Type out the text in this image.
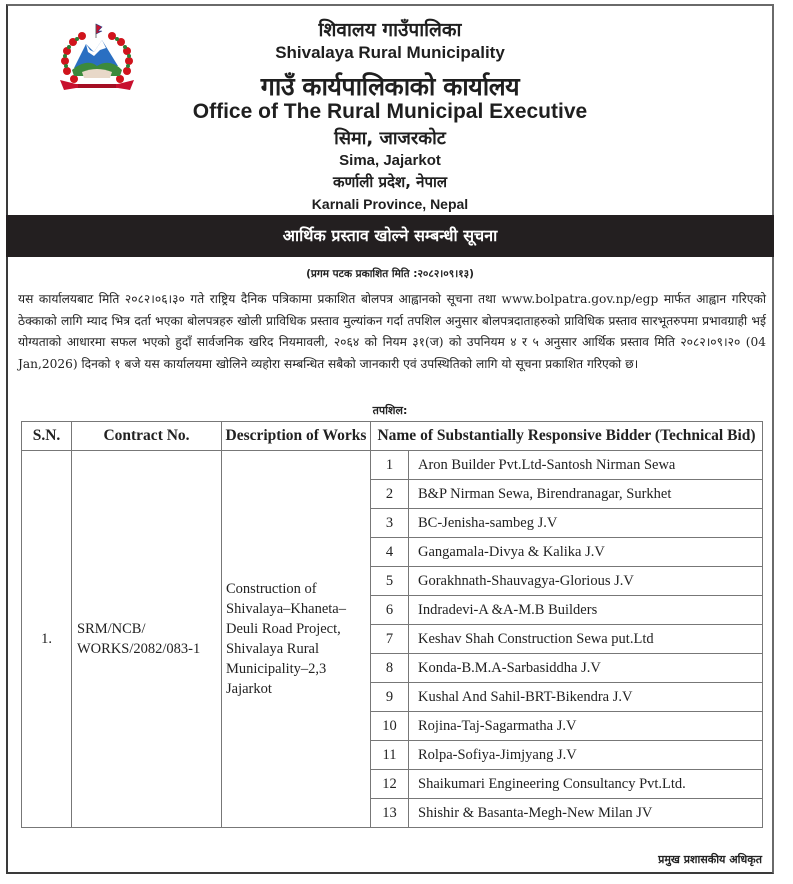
शिवालय गाउँपालिका
Shivalaya Rural Municipality
गाउँ कार्यपालिकाको कार्यालय
Office of The Rural Municipal Executive
सिमा, जाजरकोट
Sima, Jajarkot
कर्णाली प्रदेश, नेपाल
Karnali Province, Nepal
आर्थिक प्रस्ताव खोल्ने सम्बन्धी सूचना
(प्रगम पटक प्रकाशित मिति :२०८२।०९।१३)
यस कार्यालयबाट मिति २०८२।०६।३० गते राष्ट्रिय दैनिक पत्रिकामा प्रकाशित बोलपत्र आह्वानको सूचना तथा www.bolpatra.gov.np/egp मार्फत आह्वान गरिएको ठेक्काको लागि म्याद भित्र दर्ता भएका बोलपत्रहरु खोली प्राविधिक प्रस्ताव मुल्यांकन गर्दा तपशिल अनुसार बोलपत्रदाताहरुको प्राविधिक प्रस्ताव सारभूतरुपमा प्रभावग्राही भई योग्यताको आधारमा सफल भएको हुदाँ सार्वजनिक खरिद नियमावली, २०६४ को नियम ३१(ज) को उपनियम ४ र ५ अनुसार आर्थिक प्रस्ताव मिति २०८२।०९।२० (04 Jan,2026) दिनको १ बजे यस कार्यालयमा खोलिने व्यहोरा सम्बन्धित सबैको जानकारी एवं उपस्थितिको लागि यो सूचना प्रकाशित गरिएको छ।
तपशिल:
S.N.	Contract No.	Description of Works	Name of Substantially Responsive Bidder (Technical Bid)	
1.	SRM/NCB/ WORKS/2082/083-1	Construction of Shivalaya–Khaneta–Deuli Road Project, Shivalaya Rural Municipality–2,3 Jajarkot	1	Aron Builder Pvt.Ltd-Santosh Nirman Sewa
			2	B&P Nirman Sewa, Birendranagar, Surkhet
			3	BC-Jenisha-sambeg J.V
			4	Gangamala-Divya & Kalika J.V
			5	Gorakhnath-Shauvagya-Glorious J.V
			6	Indradevi-A &A-M.B Builders
			7	Keshav Shah Construction Sewa put.Ltd
			8	Konda-B.M.A-Sarbasiddha J.V
			9	Kushal And Sahil-BRT-Bikendra J.V
			10	Rojina-Taj-Sagarmatha J.V
			11	Rolpa-Sofiya-Jimjyang J.V
			12	Shaikumari Engineering Consultancy Pvt.Ltd.
			13	Shishir & Basanta-Megh-New Milan JV
प्रमुख प्रशासकीय अधिकृत
